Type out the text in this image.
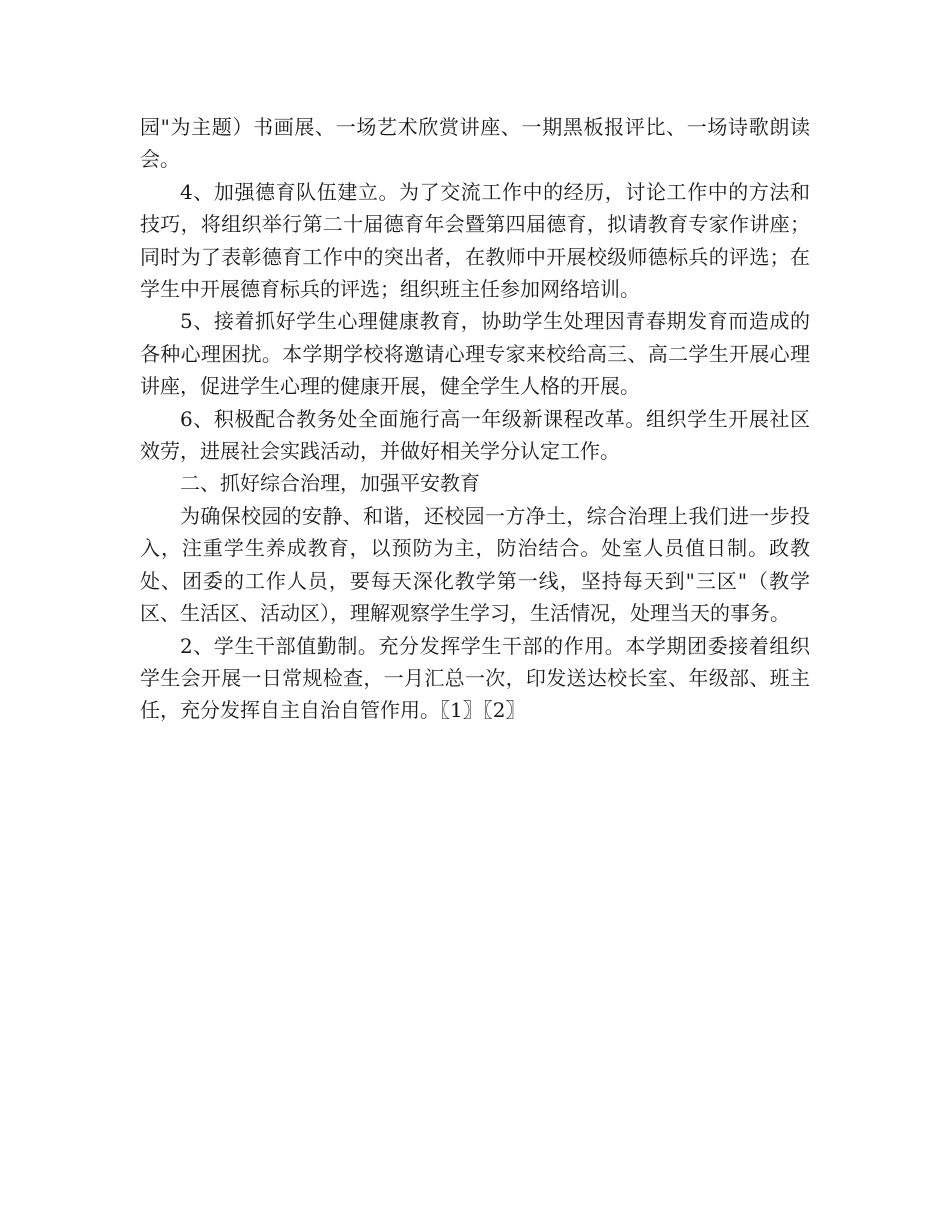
园"为主题）书画展、一场艺术欣赏讲座、一期黑板报评比、一场诗歌朗读会。

4、加强德育队伍建立。为了交流工作中的经历，讨论工作中的方法和技巧，将组织举行第二十届德育年会暨第四届德育，拟请教育专家作讲座；同时为了表彰德育工作中的突出者，在教师中开展校级师德标兵的评选；在学生中开展德育标兵的评选；组织班主任参加网络培训。

5、接着抓好学生心理健康教育，协助学生处理因青春期发育而造成的各种心理困扰。本学期学校将邀请心理专家来校给高三、高二学生开展心理讲座，促进学生心理的健康开展，健全学生人格的开展。

6、积极配合教务处全面施行高一年级新课程改革。组织学生开展社区效劳，进展社会实践活动，并做好相关学分认定工作。

二、抓好综合治理，加强平安教育

为确保校园的安静、和谐，还校园一方净土，综合治理上我们进一步投入，注重学生养成教育，以预防为主，防治结合。处室人员值日制。政教处、团委的工作人员，要每天深化教学第一线，坚持每天到"三区"（教学区、生活区、活动区），理解观察学生学习，生活情况，处理当天的事务。

2、学生干部值勤制。充分发挥学生干部的作用。本学期团委接着组织学生会开展一日常规检查，一月汇总一次，印发送达校长室、年级部、班主任，充分发挥自主自治自管作用。〖1〗〖2〗
